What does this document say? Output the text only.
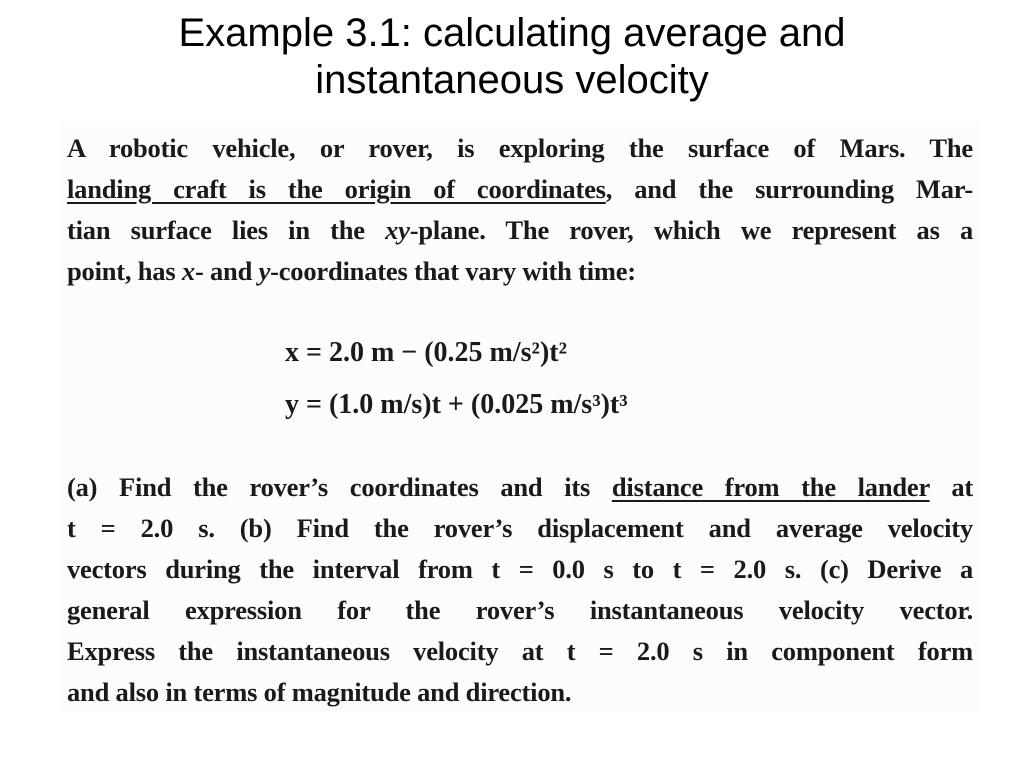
Example 3.1: calculating average and
instantaneous velocity
A robotic vehicle, or rover, is exploring the surface of Mars. The
landing craft is the origin of coordinates, and the surrounding Mar-
tian surface lies in the xy-plane. The rover, which we represent as a
point, has x- and y-coordinates that vary with time:
x = 2.0 m − (0.25 m/s²)t²
y = (1.0 m/s)t + (0.025 m/s³)t³
(a) Find the rover’s coordinates and its distance from the lander at
t = 2.0 s. (b) Find the rover’s displacement and average velocity
vectors during the interval from t = 0.0 s to t = 2.0 s. (c) Derive a
general expression for the rover’s instantaneous velocity vector.
Express the instantaneous velocity at t = 2.0 s in component form
and also in terms of magnitude and direction.
